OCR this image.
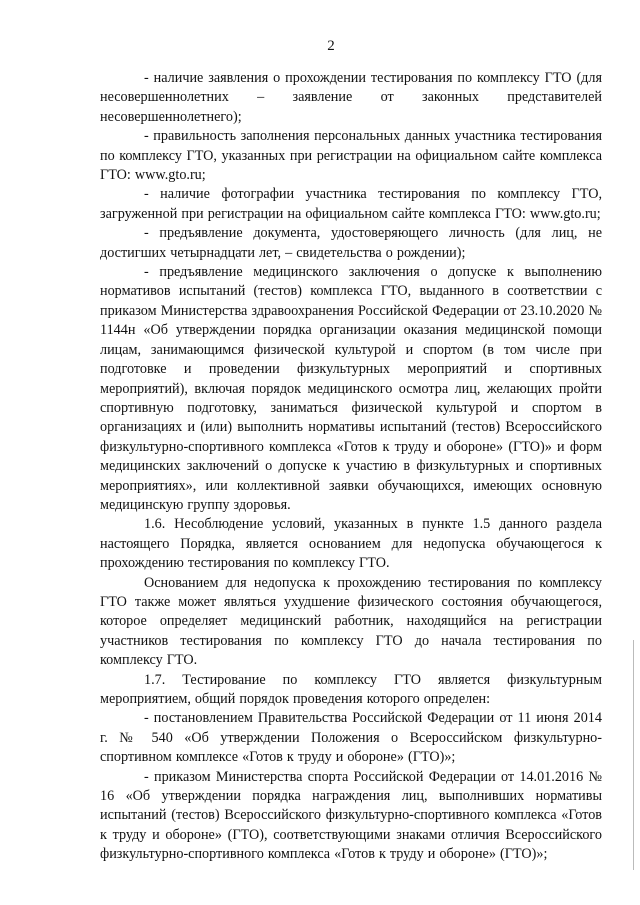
2

- наличие заявления о прохождении тестирования по комплексу ГТО (для несовершеннолетних – заявление от законных представителей несовершеннолетнего);

- правильность заполнения персональных данных участника тестирования по комплексу ГТО, указанных при регистрации на официальном сайте комплекса ГТО: www.gto.ru;

- наличие фотографии участника тестирования по комплексу ГТО, загруженной при регистрации на официальном сайте комплекса ГТО: www.gto.ru;

- предъявление документа, удостоверяющего личность (для лиц, не достигших четырнадцати лет, – свидетельства о рождении);

- предъявление медицинского заключения о допуске к выполнению нормативов испытаний (тестов) комплекса ГТО, выданного в соответствии с приказом Министерства здравоохранения Российской Федерации от 23.10.2020 № 1144н «Об утверждении порядка организации оказания медицинской помощи лицам, занимающимся физической культурой и спортом (в том числе при подготовке и проведении физкультурных мероприятий и спортивных мероприятий), включая порядок медицинского осмотра лиц, желающих пройти спортивную подготовку, заниматься физической культурой и спортом в организациях и (или) выполнить нормативы испытаний (тестов) Всероссийского физкультурно-спортивного комплекса «Готов к труду и обороне» (ГТО)» и форм медицинских заключений о допуске к участию в физкультурных и спортивных мероприятиях», или коллективной заявки обучающихся, имеющих основную медицинскую группу здоровья.

1.6. Несоблюдение условий, указанных в пункте 1.5 данного раздела настоящего Порядка, является основанием для недопуска обучающегося к прохождению тестирования по комплексу ГТО.

Основанием для недопуска к прохождению тестирования по комплексу ГТО также может являться ухудшение физического состояния обучающегося, которое определяет медицинский работник, находящийся на регистрации участников тестирования по комплексу ГТО до начала тестирования по комплексу ГТО.

1.7. Тестирование по комплексу ГТО является физкультурным мероприятием, общий порядок проведения которого определен:

- постановлением Правительства Российской Федерации от 11 июня 2014 г. № 540 «Об утверждении Положения о Всероссийском физкультурно-спортивном комплексе «Готов к труду и обороне» (ГТО)»;

- приказом Министерства спорта Российской Федерации от 14.01.2016 № 16 «Об утверждении порядка награждения лиц, выполнивших нормативы испытаний (тестов) Всероссийского физкультурно-спортивного комплекса «Готов к труду и обороне» (ГТО), соответствующими знаками отличия Всероссийского физкультурно-спортивного комплекса «Готов к труду и обороне» (ГТО)»;
